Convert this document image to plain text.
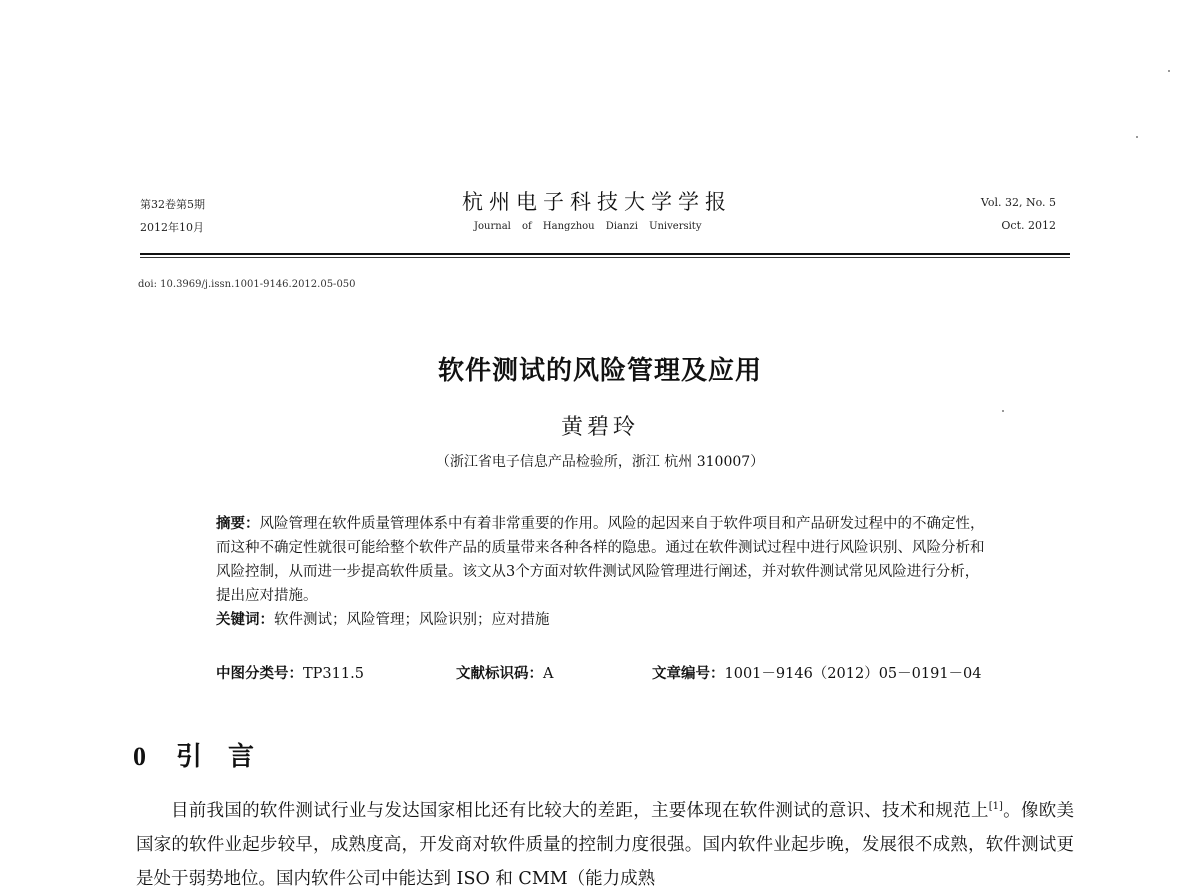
第32卷第5期
2012年10月
杭州电子科技大学学报
Journal of Hangzhou Dianzi University
Vol. 32, No. 5
Oct. 2012
doi: 10.3969/j.issn.1001-9146.2012.05-050
软件测试的风险管理及应用
黄碧玲
（浙江省电子信息产品检验所，浙江 杭州 310007）

摘要：风险管理在软件质量管理体系中有着非常重要的作用。风险的起因来自于软件项目和产品研发过程中的不确定性，而这种不确定性就很可能给整个软件产品的质量带来各种各样的隐患。通过在软件测试过程中进行风险识别、风险分析和风险控制，从而进一步提高软件质量。该文从3个方面对软件测试风险管理进行阐述，并对软件测试常见风险进行分析，提出应对措施。

关键词：软件测试；风险管理；风险识别；应对措施

中图分类号：TP311.5	文献标识码：A	文章编号：1001－9146（2012）05－0191－04
0 引　言

目前我国的软件测试行业与发达国家相比还有比较大的差距，主要体现在软件测试的意识、技术和规范上[1]。像欧美国家的软件业起步较早，成熟度高，开发商对软件质量的控制力度很强。国内软件业起步晚，发展很不成熟，软件测试更是处于弱势地位。国内软件公司中能达到 ISO 和 CMM（能力成熟
